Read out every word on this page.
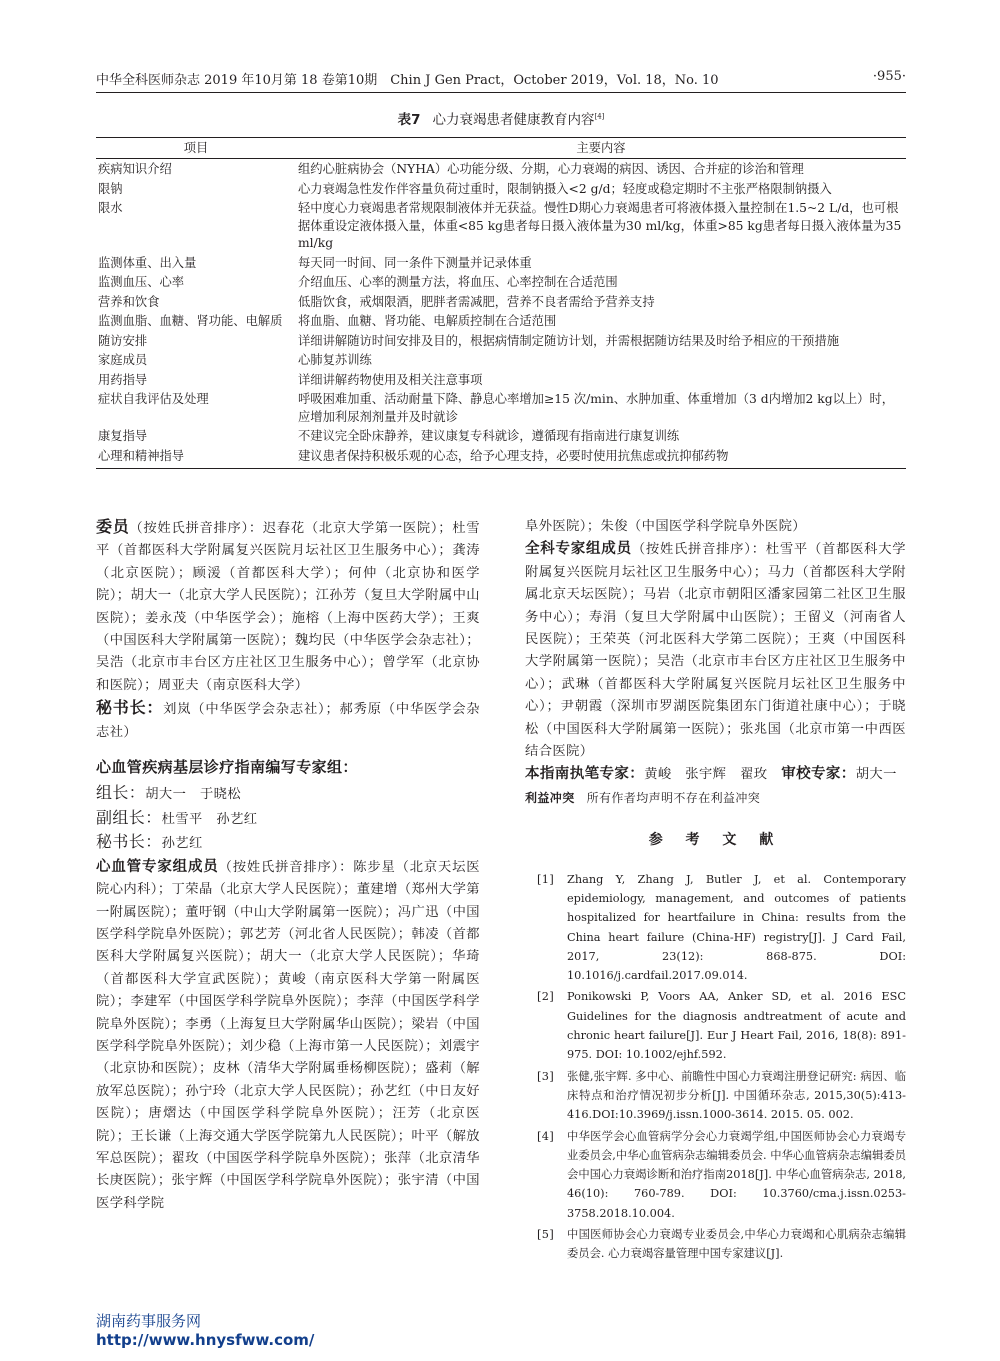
中华全科医师杂志 2019 年10月第 18 卷第10期　Chin J Gen Pract，October 2019，Vol. 18，No. 10	·955·
表7 心力衰竭患者健康教育内容[4]
项目	主要内容
疾病知识介绍	组约心脏病协会（NYHA）心功能分级、分期，心力衰竭的病因、诱因、合并症的诊治和管理
限钠	心力衰竭急性发作伴容量负荷过重时，限制钠摄入<2 g/d；轻度或稳定期时不主张严格限制钠摄入
限水	轻中度心力衰竭患者常规限制液体并无获益。慢性D期心力衰竭患者可将液体摄入量控制在1.5~2 L/d，也可根据体重设定液体摄入量，体重<85 kg患者每日摄入液体量为30 ml/kg，体重>85 kg患者每日摄入液体量为35 ml/kg
监测体重、出入量	每天同一时间、同一条件下测量并记录体重
监测血压、心率	介绍血压、心率的测量方法，将血压、心率控制在合适范围
营养和饮食	低脂饮食，戒烟限酒，肥胖者需减肥，营养不良者需给予营养支持
监测血脂、血糖、肾功能、电解质	将血脂、血糖、肾功能、电解质控制在合适范围
随访安排	详细讲解随访时间安排及目的，根据病情制定随访计划，并需根据随访结果及时给予相应的干预措施
家庭成员	心肺复苏训练
用药指导	详细讲解药物使用及相关注意事项
症状自我评估及处理	呼吸困难加重、活动耐量下降、静息心率增加≥15 次/min、水肿加重、体重增加（3 d内增加2 kg以上）时，应增加利尿剂剂量并及时就诊
康复指导	不建议完全卧床静养，建议康复专科就诊，遵循现有指南进行康复训练
心理和精神指导	建议患者保持积极乐观的心态，给予心理支持，必要时使用抗焦虑或抗抑郁药物

委员（按姓氏拼音排序）：迟春花（北京大学第一医院）；杜雪平（首都医科大学附属复兴医院月坛社区卫生服务中心）；龚涛（北京医院）；顾湲（首都医科大学）；何仲（北京协和医学院）；胡大一（北京大学人民医院）；江孙芳（复旦大学附属中山医院）；姜永茂（中华医学会）；施榕（上海中医药大学）；王爽（中国医科大学附属第一医院）；魏均民（中华医学会杂志社）；吴浩（北京市丰台区方庄社区卫生服务中心）；曾学军（北京协和医院）；周亚夫（南京医科大学）

秘书长：刘岚（中华医学会杂志社）；郝秀原（中华医学会杂志社）

心血管疾病基层诊疗指南编写专家组：

组长：胡大一　于晓松

副组长：杜雪平　孙艺红

秘书长：孙艺红

心血管专家组成员（按姓氏拼音排序）：陈步星（北京天坛医院心内科）；丁荣晶（北京大学人民医院）；董建增（郑州大学第一附属医院）；董吁钢（中山大学附属第一医院）；冯广迅（中国医学科学院阜外医院）；郭艺芳（河北省人民医院）；韩凌（首都医科大学附属复兴医院）；胡大一（北京大学人民医院）；华琦（首都医科大学宣武医院）；黄峻（南京医科大学第一附属医院）；李建军（中国医学科学院阜外医院）；李萍（中国医学科学院阜外医院）；李勇（上海复旦大学附属华山医院）；梁岩（中国医学科学院阜外医院）；刘少稳（上海市第一人民医院）；刘震宇（北京协和医院）；皮林（清华大学附属垂杨柳医院）；盛莉（解放军总医院）；孙宁玲（北京大学人民医院）；孙艺红（中日友好医院）；唐熠达（中国医学科学院阜外医院）；汪芳（北京医院）；王长谦（上海交通大学医学院第九人民医院）；叶平（解放军总医院）；翟玫（中国医学科学院阜外医院）；张萍（北京清华长庚医院）；张宇辉（中国医学科学院阜外医院）；张宇清（中国医学科学院

阜外医院）；朱俊（中国医学科学院阜外医院）

全科专家组成员（按姓氏拼音排序）：杜雪平（首都医科大学附属复兴医院月坛社区卫生服务中心）；马力（首都医科大学附属北京天坛医院）；马岩（北京市朝阳区潘家园第二社区卫生服务中心）；寿涓（复旦大学附属中山医院）；王留义（河南省人民医院）；王荣英（河北医科大学第二医院）；王爽（中国医科大学附属第一医院）；吴浩（北京市丰台区方庄社区卫生服务中心）；武琳（首都医科大学附属复兴医院月坛社区卫生服务中心）；尹朝霞（深圳市罗湖医院集团东门街道社康中心）；于晓松（中国医科大学附属第一医院）；张兆国（北京市第一中西医结合医院）

本指南执笔专家：黄峻　张宇辉　翟玫　 审校专家：胡大一

利益冲突 所有作者均声明不存在利益冲突

参 考 文 献
[1]	Zhang Y, Zhang J, Butler J, et al. Contemporary epidemiology, management, and outcomes of patients hospitalized for heartfailure in China: results from the China heart failure (China-HF) registry[J]. J Card Fail, 2017, 23(12): 868-875. DOI: 10.1016/j.cardfail.2017.09.014.
[2]	Ponikowski P, Voors AA, Anker SD, et al. 2016 ESC Guidelines for the diagnosis andtreatment of acute and chronic heart failure[J]. Eur J Heart Fail, 2016, 18(8): 891-975. DOI: 10.1002/ejhf.592.
[3]	张健,张宇辉. 多中心、前瞻性中国心力衰竭注册登记研究: 病因、临床特点和治疗情况初步分析[J]. 中国循环杂志, 2015,30(5):413-416.DOI:10.3969/j.issn.1000-3614. 2015. 05. 002.
[4]	中华医学会心血管病学分会心力衰竭学组,中国医师协会心力衰竭专业委员会,中华心血管病杂志编辑委员会. 中华心血管病杂志编辑委员会中国心力衰竭诊断和治疗指南2018[J]. 中华心血管病杂志, 2018, 46(10): 760-789. DOI: 10.3760/cma.j.issn.0253-3758.2018.10.004.
[5]	中国医师协会心力衰竭专业委员会,中华心力衰竭和心肌病杂志编辑委员会. 心力衰竭容量管理中国专家建议[J].
湖南药事服务网
http://www.hnysfww.com/
